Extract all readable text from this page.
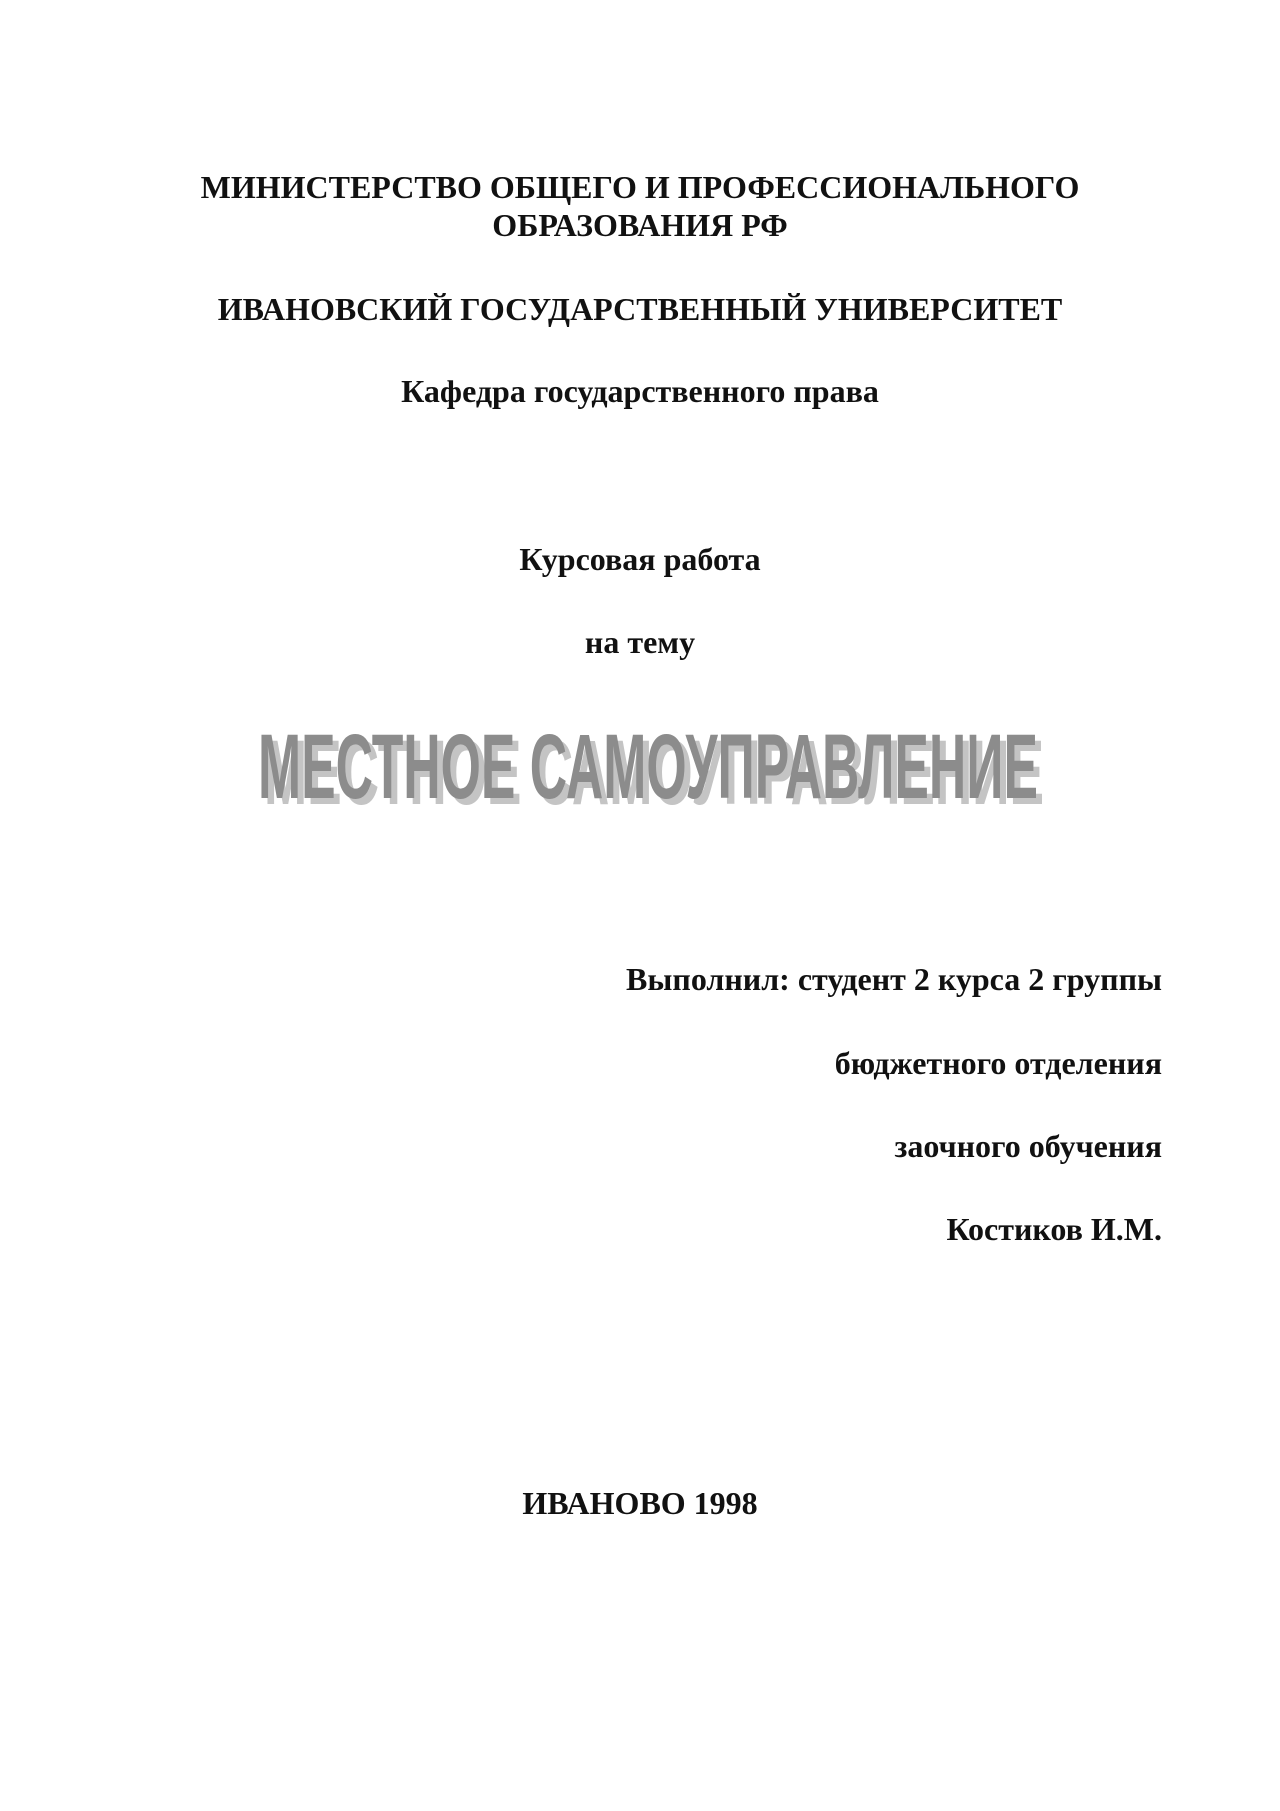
МИНИСТЕРСТВО ОБЩЕГО И ПРОФЕССИОНАЛЬНОГО
ОБРАЗОВАНИЯ РФ
ИВАНОВСКИЙ ГОСУДАРСТВЕННЫЙ УНИВЕРСИТЕТ
Кафедра государственного права
Курсовая работа
на тему
МЕСТНОЕ САМОУПРАВЛЕНИЕ
МЕСТНОЕ САМОУПРАВЛЕНИЕ
Выполнил: студент 2 курса 2 группы
бюджетного отделения
заочного обучения
Костиков И.М.
ИВАНОВО 1998
